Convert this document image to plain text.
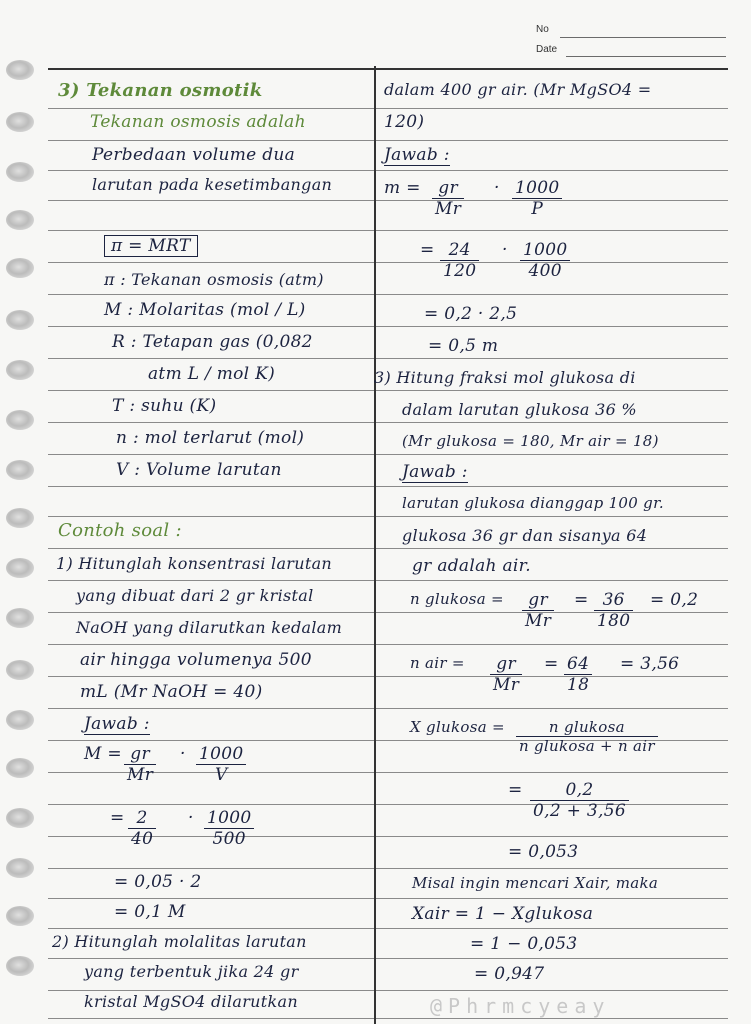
No
Date
3) Tekanan osmotik
Tekanan osmosis adalah
Perbedaan volume dua
larutan pada kesetimbangan
π = MRT
π : Tekanan osmosis (atm)
M : Molaritas (mol / L)
R : Tetapan gas (0,082
atm L / mol K)
T : suhu (K)
n : mol terlarut (mol)
V : Volume larutan
Contoh soal :
1) Hitunglah konsentrasi larutan
yang dibuat dari 2 gr kristal
NaOH yang dilarutkan kedalam
air hingga volumenya 500
mL (Mr NaOH = 40)
Jawab :
$M = \frac{gr}{Mr} \cdot \frac{1000}{V}$
= $\frac{2}{40} \cdot \frac{1000}{500}$
= 0,05 · 2
= 0,1 M
2) Hitunglah molalitas larutan
yang terbentuk jika 24 gr
kristal MgSO4 dilarutkan
dalam 400 gr air. (Mr MgSO4 =
120)
Jawab :
$m = \frac{gr}{Mr} \cdot \frac{1000}{P}$
= $\frac{24}{120} \cdot \frac{1000}{400}$
= 0,2 · 2,5
= 0,5 m
3) Hitung fraksi mol glukosa di
dalam larutan glukosa 36 %
(Mr glukosa = 180, Mr air = 18)
Jawab :
larutan glukosa dianggap 100 gr.
glukosa 36 gr dan sisanya 64
gr adalah air.
n glukosa = $\frac{gr}{Mr} = \frac{36}{180} = 0,2$
n air = $\frac{gr}{Mr} = \frac{64}{18} = 3,56$
X glukosa =	n glukosa
n glukosa + n air
= $\frac{0,2}{0,2 + 3,56}$
= 0,053
Misal ingin mencari Xair, maka
Xair = 1 − Xglukosa
= 1 − 0,053
= 0,947
@Phrmcyeay
